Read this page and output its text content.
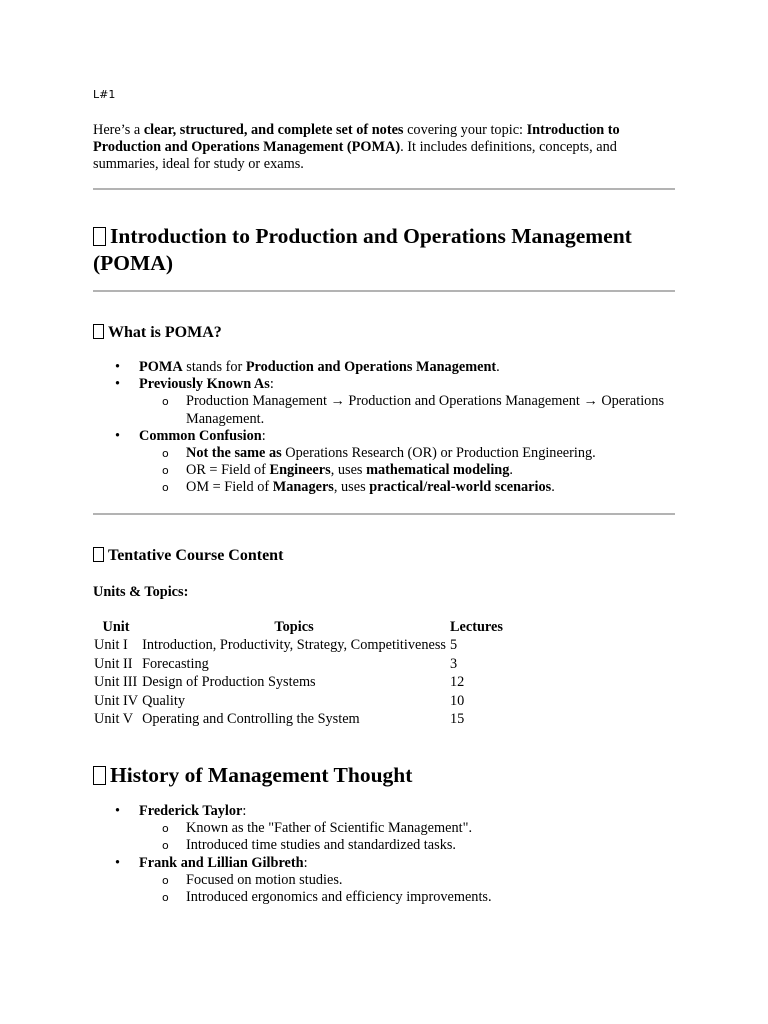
L#1

Here’s a clear, structured, and complete set of notes covering your topic: Introduction to Production and Operations Management (POMA). It includes definitions, concepts, and summaries, ideal for study or exams.

Introduction to Production and Operations Management (POMA)
What is POMA?
• POMA stands for Production and Operations Management.
• Previously Known As:
o Production Management → Production and Operations Management → Operations Management.
• Common Confusion:
o Not the same as Operations Research (OR) or Production Engineering.
o OR = Field of Engineers, uses mathematical modeling.
o OM = Field of Managers, uses practical/real-world scenarios.
Tentative Course Content
Units & Topics:
Unit	Topics	Lectures
Unit I	Introduction, Productivity, Strategy, Competitiveness	5
Unit II	Forecasting	3
Unit III	Design of Production Systems	12
Unit IV	Quality	10
Unit V	Operating and Controlling the System	15
History of Management Thought
• Frederick Taylor:
o Known as the "Father of Scientific Management".
o Introduced time studies and standardized tasks.
• Frank and Lillian Gilbreth:
o Focused on motion studies.
o Introduced ergonomics and efficiency improvements.
